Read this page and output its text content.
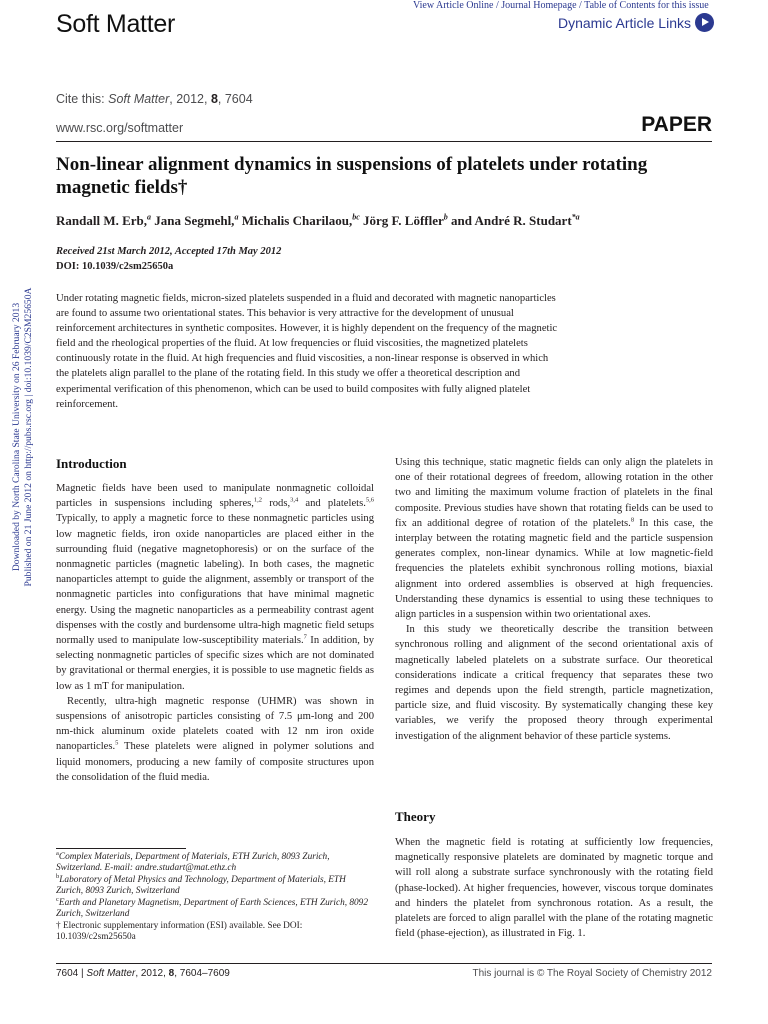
View Article Online / Journal Homepage / Table of Contents for this issue
Dynamic Article Links
Soft Matter
Cite this: Soft Matter, 2012, 8, 7604
www.rsc.org/softmatter	PAPER
Non-linear alignment dynamics in suspensions of platelets under rotating magnetic fields†
Randall M. Erb,$^a$ Jana Segmehl,$^a$ Michalis Charilaou,$^{bc}$ Jörg F. Löffler$^b$ and André R. Studart$^{*a}$
Received 21st March 2012, Accepted 17th May 2012
DOI: 10.1039/c2sm25650a
Under rotating magnetic fields, micron-sized platelets suspended in a fluid and decorated with magnetic nanoparticles are found to assume two orientational states. This behavior is very attractive for the development of unusual reinforcement architectures in synthetic composites. However, it is highly dependent on the frequency of the magnetic field and the rheological properties of the fluid. At low frequencies or fluid viscosities, the magnetized platelets continuously rotate in the fluid. At high frequencies and fluid viscosities, a non-linear response is observed in which the platelets align parallel to the plane of the rotating field. In this study we offer a theoretical description and experimental verification of this phenomenon, which can be used to build composites with fully aligned platelet reinforcement.
Downloaded by North Carolina State University on 26 February 2013 Published on 21 June 2012 on http://pubs.rsc.org | doi:10.1039/C2SM25650A Introduction

Magnetic fields have been used to manipulate nonmagnetic colloidal particles in suspensions including spheres,$^{1,2}$ rods,$^{3,4}$ and platelets.$^{5,6}$ Typically, to apply a magnetic force to these nonmagnetic particles using low magnetic fields, iron oxide nanoparticles are placed either in the surrounding fluid (negative magnetophoresis) or on the surface of the nonmagnetic particles (magnetic labeling). In both cases, the magnetic nanoparticles attempt to guide the alignment, assembly or transport of the nonmagnetic particles into configurations that have minimal magnetic energy. Using the magnetic nanoparticles as a permeability contrast agent dispenses with the costly and burdensome ultra-high magnetic field setups normally used to manipulate low-susceptibility materials.$^7$ In addition, by selecting nonmagnetic particles of specific sizes which are not dominated by gravitational or thermal energies, it is possible to use magnetic fields as low as 1 mT for manipulation.

Recently, ultra-high magnetic response (UHMR) was shown in suspensions of anisotropic particles consisting of 7.5 μm-long and 200 nm-thick aluminum oxide platelets coated with 12 nm iron oxide nanoparticles.$^5$ These platelets were aligned in polymer solutions and liquid monomers, producing a new family of composite structures upon the consolidation of the fluid media.

Using this technique, static magnetic fields can only align the platelets in one of their rotational degrees of freedom, allowing rotation in the other two and limiting the maximum volume fraction of platelets in the final composite. Previous studies have shown that rotating fields can be used to fix an additional degree of rotation of the platelets.$^8$ In this case, the interplay between the rotating magnetic field and the particle suspension generates complex, non-linear dynamics. While at low magnetic-field frequencies the platelets exhibit synchronous rolling motions, biaxial alignment into ordered assemblies is observed at high frequencies. Understanding these dynamics is essential to using these techniques to align particles in a suspension within two orientational axes.

In this study we theoretically describe the transition between synchronous rolling and alignment of the second orientational axis of magnetically labeled platelets on a substrate surface. Our theoretical considerations indicate a critical frequency that separates these two regimes and depends upon the field strength, particle magnetization, particle size, and fluid viscosity. By systematically changing these key variables, we verify the proposed theory through experimental investigation of the alignment behavior of these particle systems.

Theory
When the magnetic field is rotating at sufficiently low frequencies, magnetically responsive platelets are dominated by magnetic torque and will roll along a substrate surface synchronously with the rotating field (phase-locked). At higher frequencies, however, viscous torque dominates and hinders the platelet from synchronous rotation. As a result, the platelets are forced to align parallel with the plane of the rotating magnetic field (phase-ejection), as illustrated in Fig. 1.
$^a$Complex Materials, Department of Materials, ETH Zurich, 8093 Zurich, Switzerland. E-mail: andre.studart@mat.ethz.ch
$^b$Laboratory of Metal Physics and Technology, Department of Materials, ETH Zurich, 8093 Zurich, Switzerland
$^c$Earth and Planetary Magnetism, Department of Earth Sciences, ETH Zurich, 8092 Zurich, Switzerland
† Electronic supplementary information (ESI) available. See DOI: 10.1039/c2sm25650a
7604 | Soft Matter, 2012, 8, 7604–7609	This journal is © The Royal Society of Chemistry 2012
